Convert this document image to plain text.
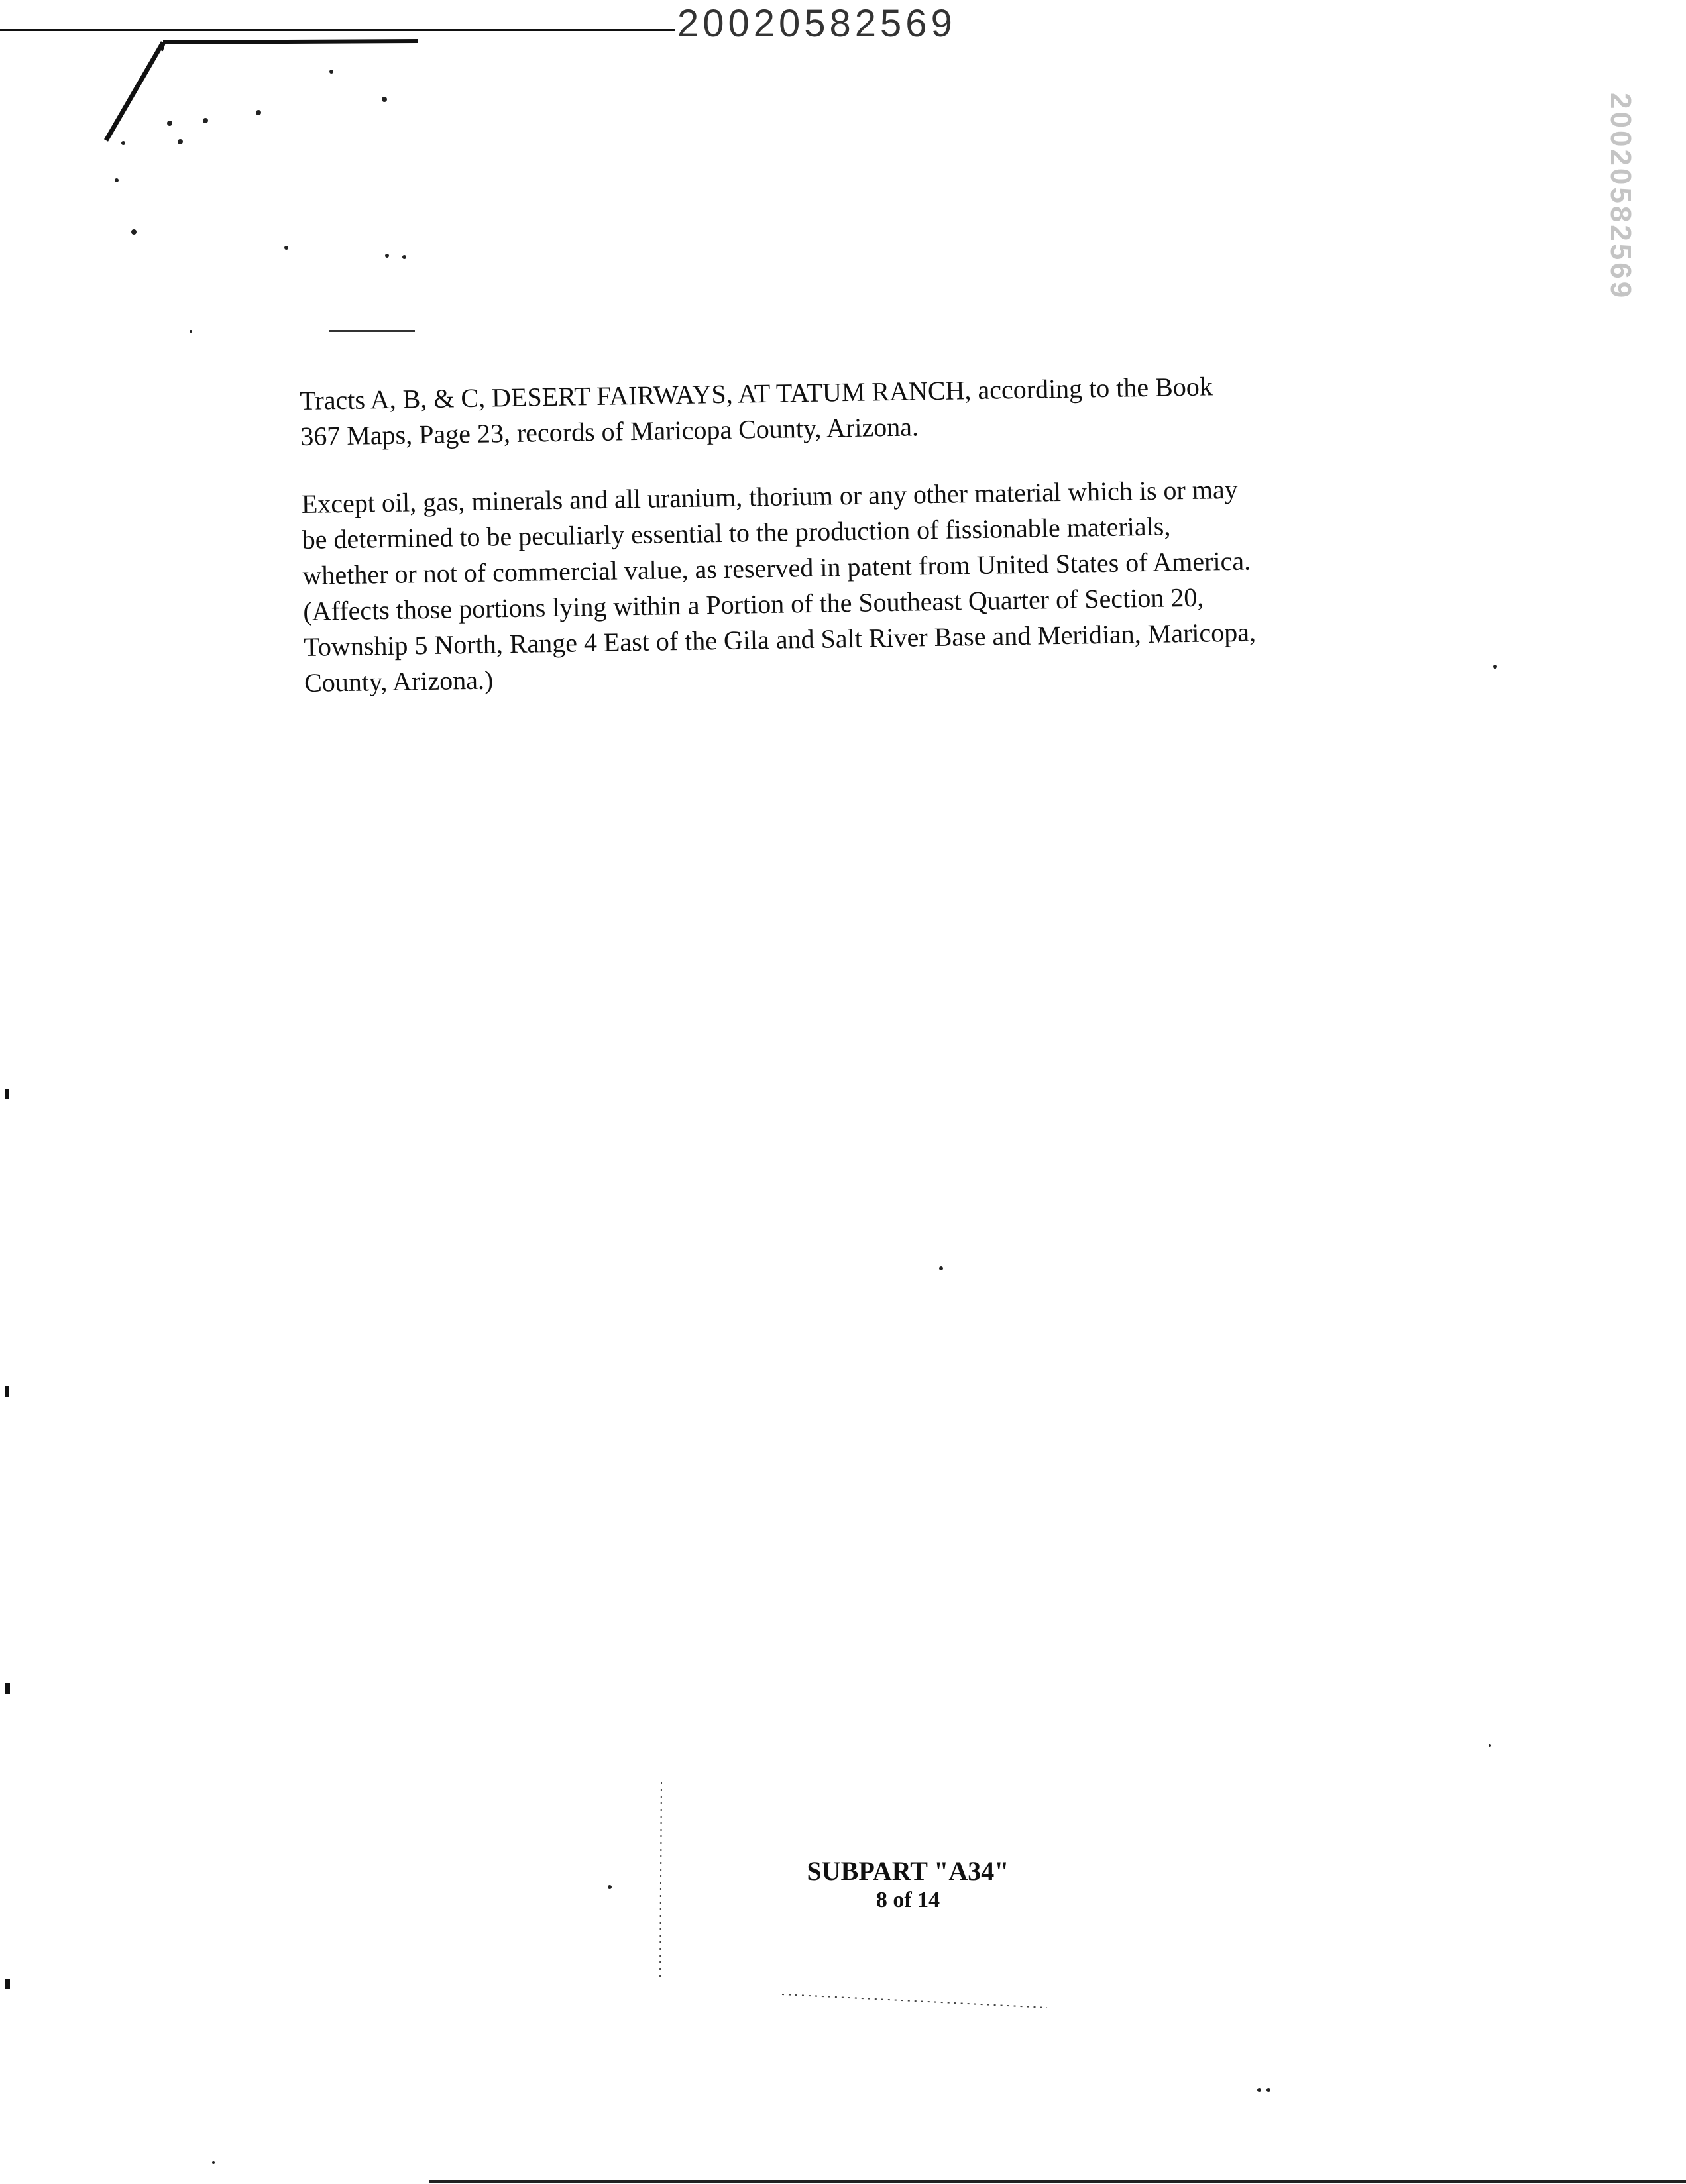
20020582569
20020582569

Tracts A, B, & C, DESERT FAIRWAYS, AT TATUM RANCH, according to the Book
367 Maps, Page 23, records of Maricopa County, Arizona.

Except oil, gas, minerals and all uranium, thorium or any other material which is or may
be determined to be peculiarly essential to the production of fissionable materials,
whether or not of commercial value, as reserved in patent from United States of America.
(Affects those portions lying within a Portion of the Southeast Quarter of Section 20,
Township 5 North, Range 4 East of the Gila and Salt River Base and Meridian, Maricopa,
County, Arizona.)

SUBPART "A34"
8 of 14
